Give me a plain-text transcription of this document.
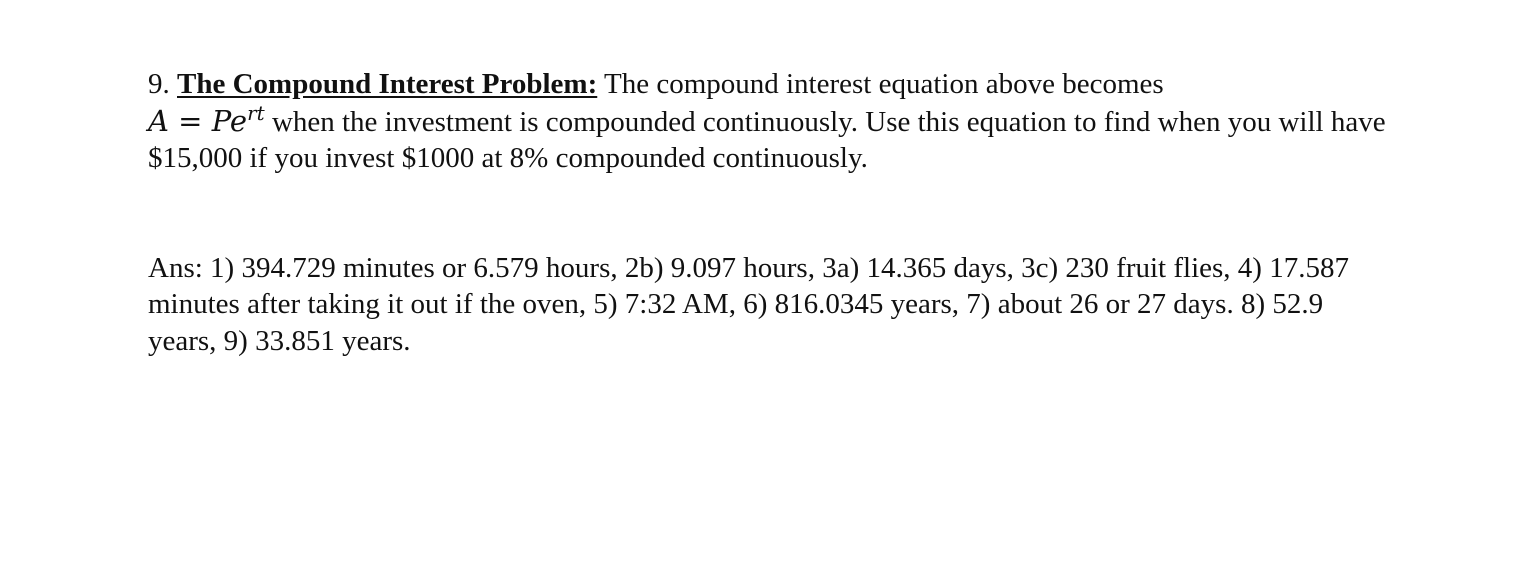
9. The Compound Interest Problem: The compound interest equation above becomes
$A = Pe^{rt}$ when the investment is compounded continuously. Use this equation to find when you will have $15,000 if you invest $1000 at 8% compounded continuously.

Ans: 1) 394.729 minutes or 6.579 hours, 2b) 9.097 hours, 3a) 14.365 days, 3c) 230 fruit flies, 4) 17.587 minutes after taking it out if the oven, 5) 7:32 AM, 6) 816.0345 years, 7) about 26 or 27 days. 8) 52.9 years, 9) 33.851 years.
